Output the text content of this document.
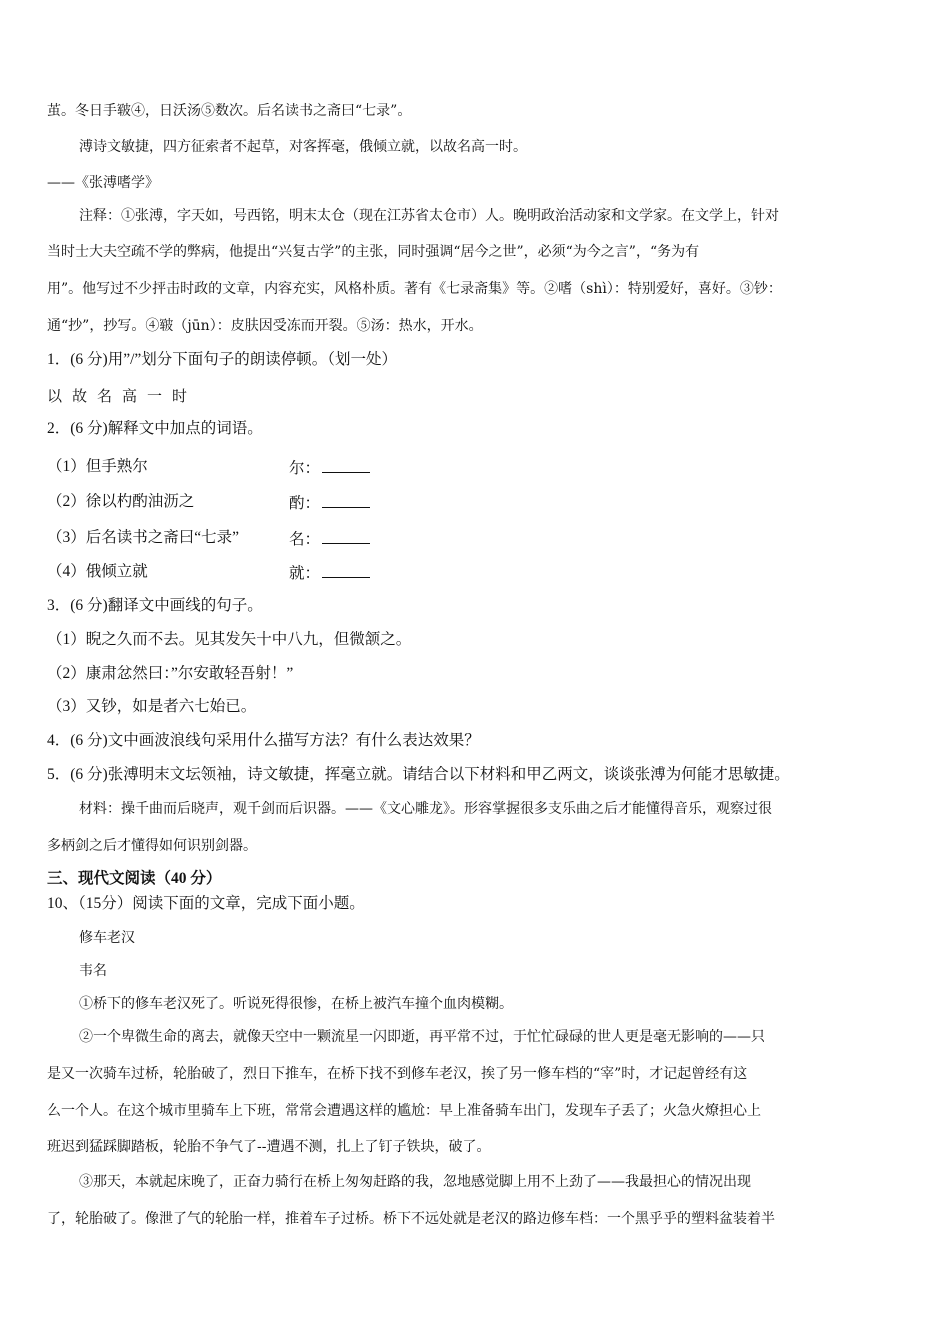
茧。冬日手皲④，日沃汤⑤数次。后名读书之斋曰“七录”。
溥诗文敏捷，四方征索者不起草，对客挥毫，俄倾立就，以故名高一时。
——《张溥嗜学》
注释：①张溥，字天如，号西铭，明末太仓（现在江苏省太仓市）人。晚明政治活动家和文学家。在文学上，针对
当时士大夫空疏不学的弊病，他提出“兴复古学”的主张，同时强调“居今之世”，必须“为今之言”，“务为有
用”。他写过不少抨击时政的文章，内容充实，风格朴质。著有《七录斋集》等。②嗜（shì）：特别爱好，喜好。③钞：
通“抄”，抄写。④皲（jūn）：皮肤因受冻而开裂。⑤汤：热水，开水。
1．(6 分)用”/”划分下面句子的朗读停顿。（划一处）
以故名高一时
2．(6 分)解释文中加点的词语。
（1）但手熟尔	尔：
（2）徐以杓酌油沥之	酌：
（3）后名读书之斋曰“七录”	名：
（4）俄倾立就	就：
3．(6 分)翻译文中画线的句子。
（1）睨之久而不去。见其发矢十中八九，但微颔之。
（2）康肃忿然曰：”尔安敢轻吾射！”
（3）又钞，如是者六七始已。
4．(6 分)文中画波浪线句采用什么描写方法？有什么表达效果？
5．(6 分)张溥明末文坛领袖，诗文敏捷，挥毫立就。请结合以下材料和甲乙两文，谈谈张溥为何能才思敏捷。
材料：操千曲而后晓声，观千剑而后识器。——《文心雕龙》。形容掌握很多支乐曲之后才能懂得音乐，观察过很
多柄剑之后才懂得如何识别剑器。
三、现代文阅读（40 分）
10、（15分）阅读下面的文章，完成下面小题。
修车老汉
韦名
①桥下的修车老汉死了。听说死得很惨，在桥上被汽车撞个血肉模糊。
②一个卑微生命的离去，就像天空中一颗流星一闪即逝，再平常不过，于忙忙碌碌的世人更是毫无影响的——只
是又一次骑车过桥，轮胎破了，烈日下推车，在桥下找不到修车老汉，挨了另一修车档的“宰”时，才记起曾经有这
么一个人。在这个城市里骑车上下班，常常会遭遇这样的尴尬：早上准备骑车出门，发现车子丢了；火急火燎担心上
班迟到猛踩脚踏板，轮胎不争气了--遭遇不测，扎上了钉子铁块，破了。
③那天，本就起床晚了，正奋力骑行在桥上匆匆赶路的我，忽地感觉脚上用不上劲了——我最担心的情况出现
了，轮胎破了。像泄了气的轮胎一样，推着车子过桥。桥下不远处就是老汉的路边修车档：一个黑乎乎的塑料盆装着半
